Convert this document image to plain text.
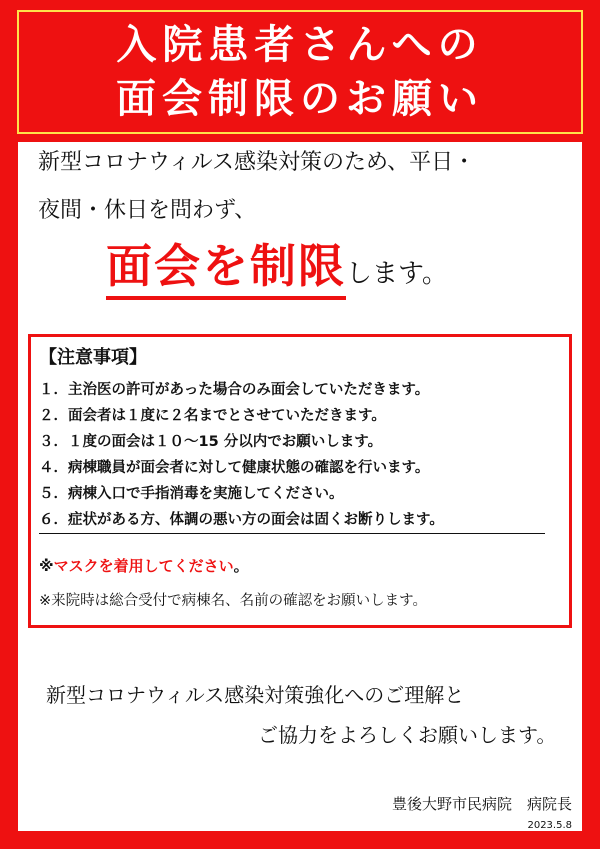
入院患者さんへの
面会制限のお願い
新型コロナウィルス感染対策のため、平日・
夜間・休日を問わず、
面会を制限します。
【注意事項】
１．主治医の許可があった場合のみ面会していただきます。
２．面会者は１度に２名までとさせていただきます。
３．１度の面会は１０～15 分以内でお願いします。
４．病棟職員が面会者に対して健康状態の確認を行います。
５．病棟入口で手指消毒を実施してください。
６．症状がある方、体調の悪い方の面会は固くお断りします。
※マスクを着用してください。
※来院時は総合受付で病棟名、名前の確認をお願いします。
新型コロナウィルス感染対策強化へのご理解と
ご協力をよろしくお願いします。
豊後大野市民病院　病院長
2023.5.8
